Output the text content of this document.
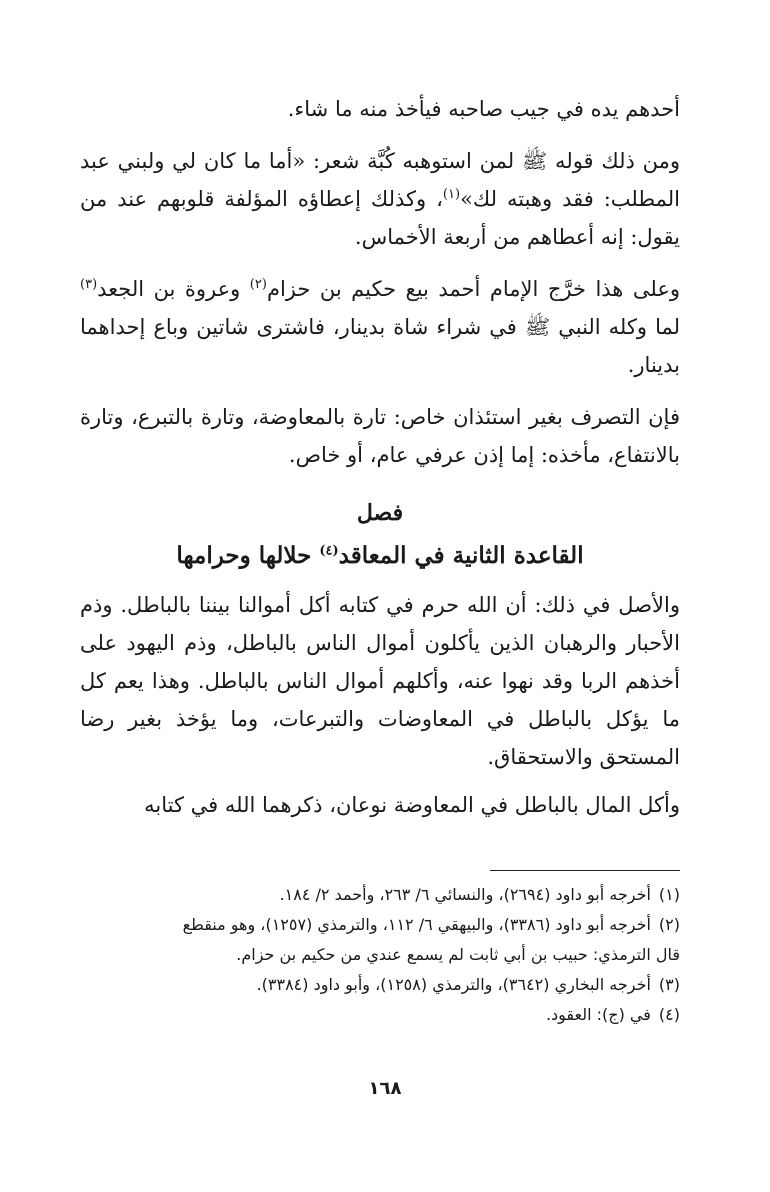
أحدهم يده في جيب صاحبه فيأخذ منه ما شاء.

ومن ذلك قوله ﷺ لمن استوهبه كُبَّة شعر: «أما ما كان لي ولبني عبد المطلب: فقد وهبته لك»$^{(١)}$، وكذلك إعطاؤه المؤلفة قلوبهم عند من يقول: إنه أعطاهم من أربعة الأخماس.

وعلى هذا خرَّج الإمام أحمد بيع حكيم بن حزام$^{(٢)}$ وعروة بن الجعد$^{(٣)}$ لما وكله النبي ﷺ في شراء شاة بدينار، فاشترى شاتين وباع إحداهما بدينار.

فإن التصرف بغير استئذان خاص: تارة بالمعاوضة، وتارة بالتبرع، وتارة بالانتفاع، مأخذه: إما إذن عرفي عام، أو خاص.

فصل
القاعدة الثانية في المعاقد$^{(٤)}$ حلالها وحرامها

والأصل في ذلك: أن الله حرم في كتابه أكل أموالنا بيننا بالباطل. وذم الأحبار والرهبان الذين يأكلون أموال الناس بالباطل، وذم اليهود على أخذهم الربا وقد نهوا عنه، وأكلهم أموال الناس بالباطل. وهذا يعم كل ما يؤكل بالباطل في المعاوضات والتبرعات، وما يؤخذ بغير رضا المستحق والاستحقاق.

وأكل المال بالباطل في المعاوضة نوعان، ذكرهما الله في كتابه

(١)أخرجه أبو داود (٢٦٩٤)، والنسائي ٦/ ٢٦٣، وأحمد ٢/ ١٨٤.

(٢)أخرجه أبو داود (٣٣٨٦)، والبيهقي ٦/ ١١٢، والترمذي (١٢٥٧)، وهو منقطع

قال الترمذي: حبيب بن أبي ثابت لم يسمع عندي من حكيم بن حزام.

(٣)أخرجه البخاري (٣٦٤٢)، والترمذي (١٢٥٨)، وأبو داود (٣٣٨٤).

(٤)في (ج): العقود.

١٦٨
